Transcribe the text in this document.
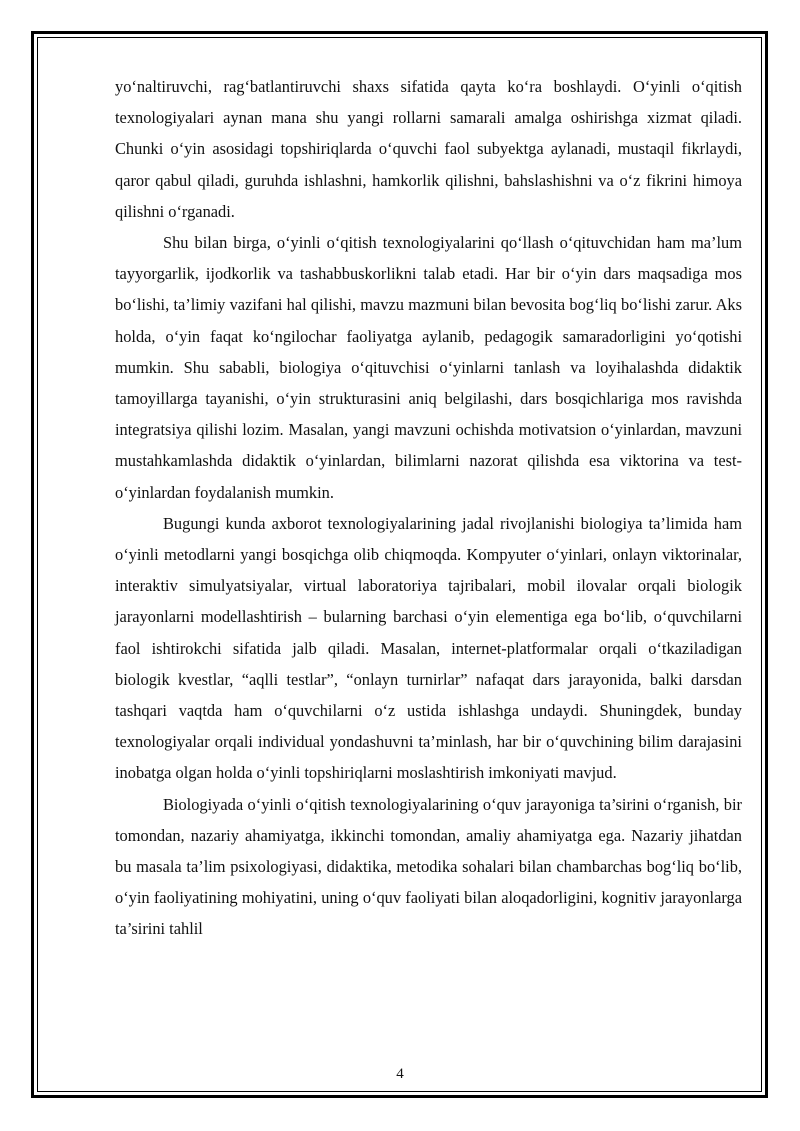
yo‘naltiruvchi, rag‘batlantiruvchi shaxs sifatida qayta ko‘ra boshlaydi. O‘yinli o‘qitish texnologiyalari aynan mana shu yangi rollarni samarali amalga oshirishga xizmat qiladi. Chunki o‘yin asosidagi topshiriqlarda o‘quvchi faol subyektga aylanadi, mustaqil fikrlaydi, qaror qabul qiladi, guruhda ishlashni, hamkorlik qilishni, bahslashishni va o‘z fikrini himoya qilishni o‘rganadi.

Shu bilan birga, o‘yinli o‘qitish texnologiyalarini qo‘llash o‘qituvchidan ham ma’lum tayyorgarlik, ijodkorlik va tashabbuskorlikni talab etadi. Har bir o‘yin dars maqsadiga mos bo‘lishi, ta’limiy vazifani hal qilishi, mavzu mazmuni bilan bevosita bog‘liq bo‘lishi zarur. Aks holda, o‘yin faqat ko‘ngilochar faoliyatga aylanib, pedagogik samaradorligini yo‘qotishi mumkin. Shu sababli, biologiya o‘qituvchisi o‘yinlarni tanlash va loyihalashda didaktik tamoyillarga tayanishi, o‘yin strukturasini aniq belgilashi, dars bosqichlariga mos ravishda integratsiya qilishi lozim. Masalan, yangi mavzuni ochishda motivatsion o‘yinlardan, mavzuni mustahkamlashda didaktik o‘yinlardan, bilimlarni nazorat qilishda esa viktorina va test-o‘yinlardan foydalanish mumkin.

Bugungi kunda axborot texnologiyalarining jadal rivojlanishi biologiya ta’limida ham o‘yinli metodlarni yangi bosqichga olib chiqmoqda. Kompyuter o‘yinlari, onlayn viktorinalar, interaktiv simulyatsiyalar, virtual laboratoriya tajribalari, mobil ilovalar orqali biologik jarayonlarni modellashtirish – bularning barchasi o‘yin elementiga ega bo‘lib, o‘quvchilarni faol ishtirokchi sifatida jalb qiladi. Masalan, internet-platformalar orqali o‘tkaziladigan biologik kvestlar, “aqlli testlar”, “onlayn turnirlar” nafaqat dars jarayonida, balki darsdan tashqari vaqtda ham o‘quvchilarni o‘z ustida ishlashga undaydi. Shuningdek, bunday texnologiyalar orqali individual yondashuvni ta’minlash, har bir o‘quvchining bilim darajasini inobatga olgan holda o‘yinli topshiriqlarni moslashtirish imkoniyati mavjud.

Biologiyada o‘yinli o‘qitish texnologiyalarining o‘quv jarayoniga ta’sirini o‘rganish, bir tomondan, nazariy ahamiyatga, ikkinchi tomondan, amaliy ahamiyatga ega. Nazariy jihatdan bu masala ta’lim psixologiyasi, didaktika, metodika sohalari bilan chambarchas bog‘liq bo‘lib, o‘yin faoliyatining mohiyatini, uning o‘quv faoliyati bilan aloqadorligini, kognitiv jarayonlarga ta’sirini tahlil

4
